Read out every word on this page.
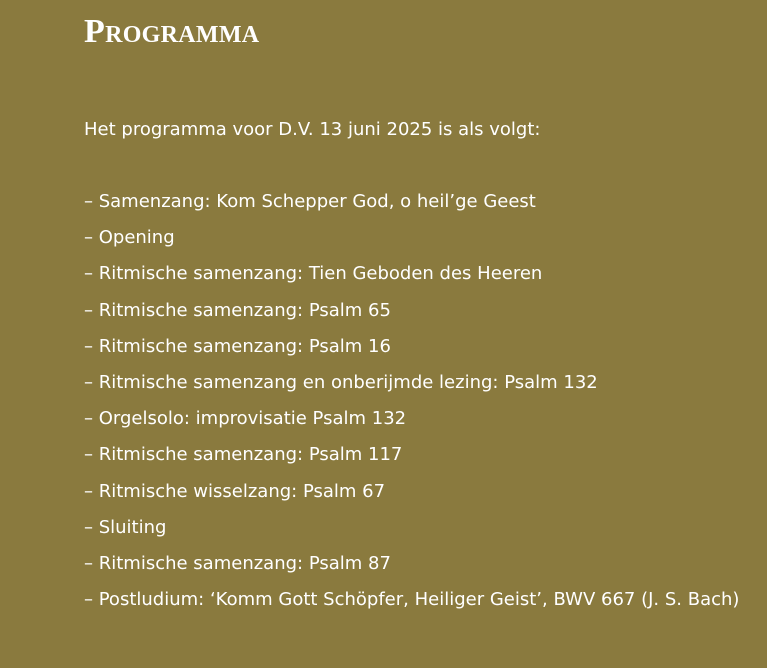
Programma

Het programma voor D.V. 13 juni 2025 is als volgt:

– Samenzang: Kom Schepper God, o heil’ge Geest
– Opening
– Ritmische samenzang: Tien Geboden des Heeren
– Ritmische samenzang: Psalm 65
– Ritmische samenzang: Psalm 16
– Ritmische samenzang en onberijmde lezing: Psalm 132
– Orgelsolo: improvisatie Psalm 132
– Ritmische samenzang: Psalm 117
– Ritmische wisselzang: Psalm 67
– Sluiting
– Ritmische samenzang: Psalm 87
– Postludium: ‘Komm Gott Schöpfer, Heiliger Geist’, BWV 667 (J. S. Bach)
